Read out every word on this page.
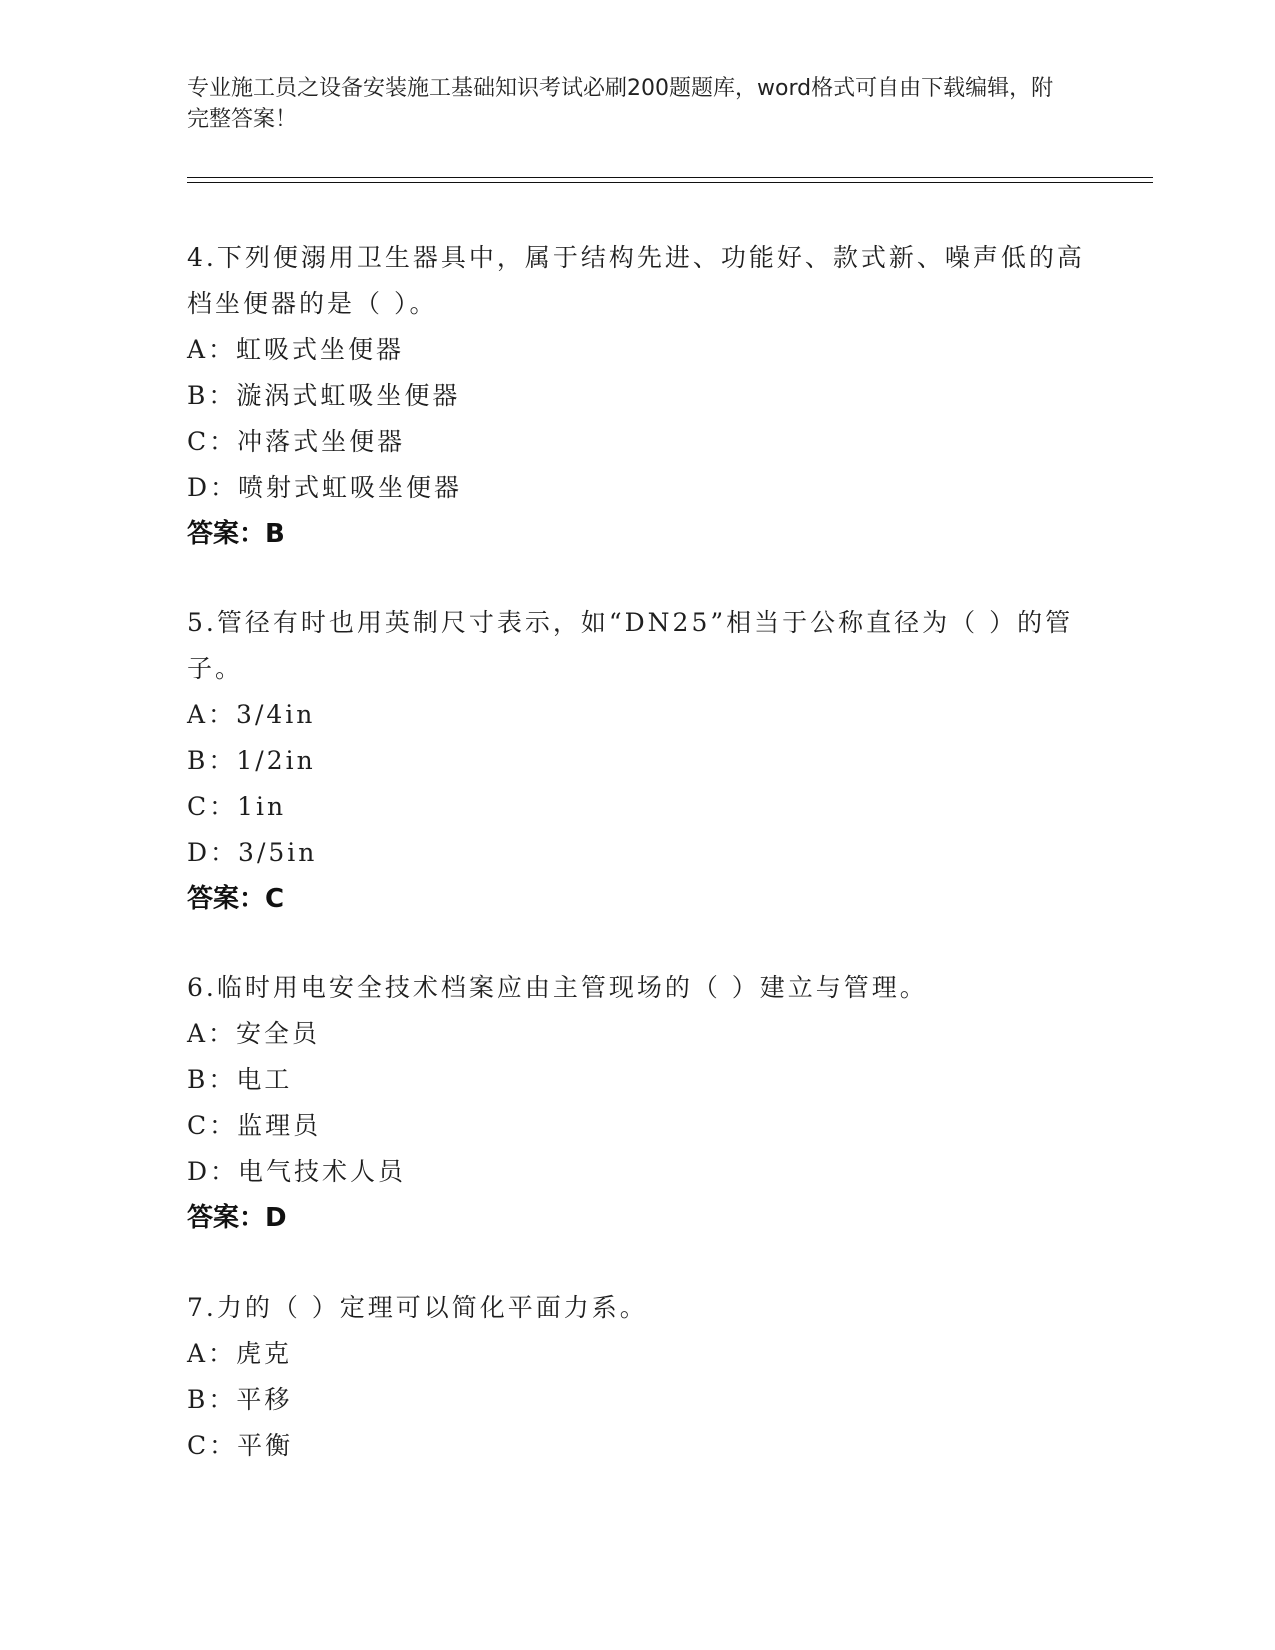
专业施工员之设备安装施工基础知识考试必刷200题题库，word格式可自由下载编辑，附完整答案！

4.下列便溺用卫生器具中，属于结构先进、功能好、款式新、噪声低的高档坐便器的是（ ）。

A：虹吸式坐便器
B：漩涡式虹吸坐便器
C：冲落式坐便器
D：喷射式虹吸坐便器
答案：B

5.管径有时也用英制尺寸表示，如“DN25”相当于公称直径为（ ）的管子。

A：3/4in
B：1/2in
C：1in
D：3/5in
答案：C

6.临时用电安全技术档案应由主管现场的（ ）建立与管理。

A：安全员
B：电工
C：监理员
D：电气技术人员
答案：D

7.力的（ ）定理可以简化平面力系。

A：虎克
B：平移
C：平衡
